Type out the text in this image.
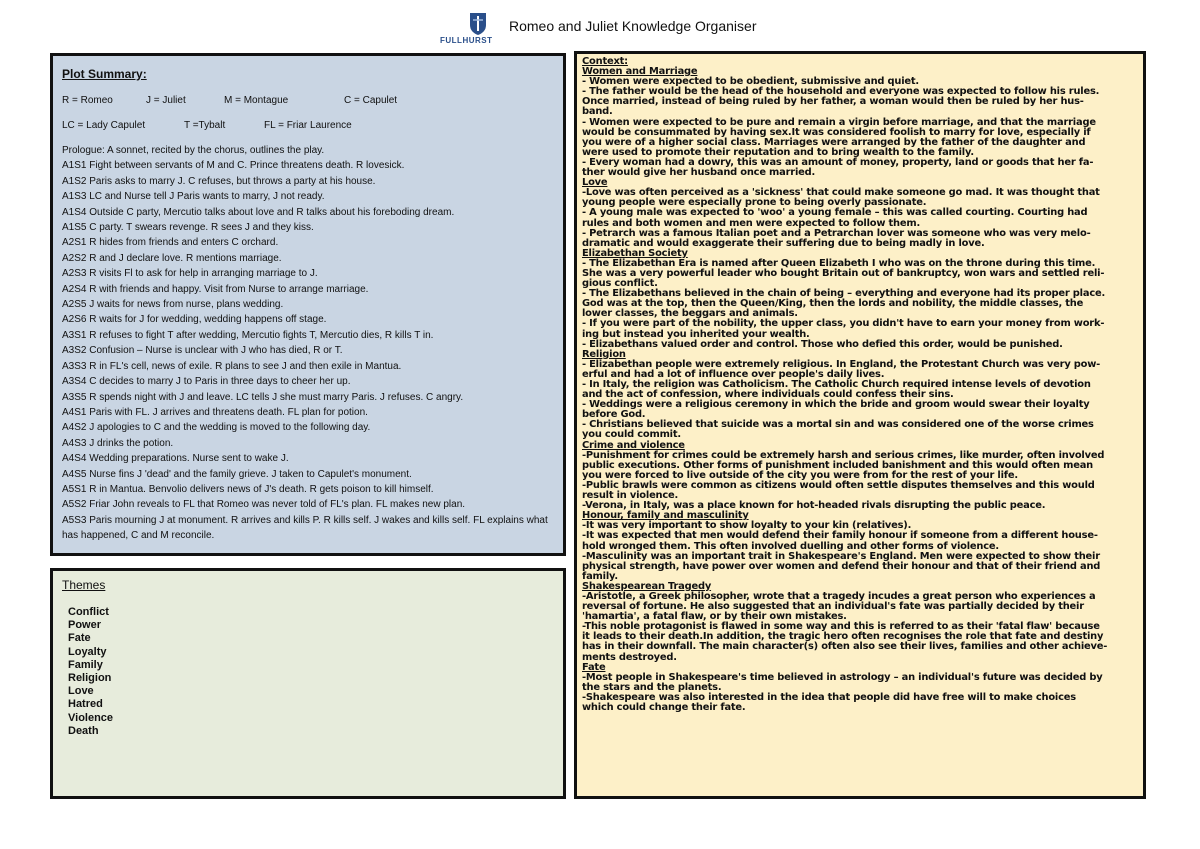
FULLHURST
Romeo and Juliet Knowledge Organiser
Plot Summary:
R = Romeo	J = Juliet	M = Montague	C = Capulet
LC = Lady Capulet	T =Tybalt	FL = Friar Laurence
Prologue: A sonnet, recited by the chorus, outlines the play.
A1S1 Fight between servants of M and C. Prince threatens death. R lovesick.
A1S2 Paris asks to marry J. C refuses, but throws a party at his house.
A1S3 LC and Nurse tell J Paris wants to marry, J not ready.
A1S4 Outside C party, Mercutio talks about love and R talks about his foreboding dream.
A1S5 C party. T swears revenge. R sees J and they kiss.
A2S1 R hides from friends and enters C orchard.
A2S2 R and J declare love. R mentions marriage.
A2S3 R visits Fl to ask for help in arranging marriage to J.
A2S4 R with friends and happy. Visit from Nurse to arrange marriage.
A2S5 J waits for news from nurse, plans wedding.
A2S6 R waits for J for wedding, wedding happens off stage.
A3S1 R refuses to fight T after wedding, Mercutio fights T, Mercutio dies, R kills T in.
A3S2 Confusion – Nurse is unclear with J who has died, R or T.
A3S3 R in FL's cell, news of exile. R plans to see J and then exile in Mantua.
A3S4 C decides to marry J to Paris in three days to cheer her up.
A3S5 R spends night with J and leave. LC tells J she must marry Paris. J refuses. C angry.
A4S1 Paris with FL. J arrives and threatens death. FL plan for potion.
A4S2 J apologies to C and the wedding is moved to the following day.
A4S3 J drinks the potion.
A4S4 Wedding preparations. Nurse sent to wake J.
A4S5 Nurse fins J 'dead' and the family grieve. J taken to Capulet's monument.
A5S1 R in Mantua. Benvolio delivers news of J's death. R gets poison to kill himself.
A5S2 Friar John reveals to FL that Romeo was never told of FL's plan. FL makes new plan.
A5S3 Paris mourning J at monument. R arrives and kills P. R kills self. J wakes and kills self. FL explains what has happened, C and M reconcile.
Themes
Conflict
Power
Fate
Loyalty
Family
Religion
Love
Hatred
Violence
Death
Context:
Women and Marriage
- Women were expected to be obedient, submissive and quiet.
- The father would be the head of the household and everyone was expected to follow his rules.
Once married, instead of being ruled by her father, a woman would then be ruled by her hus-
band.
- Women were expected to be pure and remain a virgin before marriage, and that the marriage
would be consummated by having sex.It was considered foolish to marry for love, especially if
you were of a higher social class. Marriages were arranged by the father of the daughter and
were used to promote their reputation and to bring wealth to the family.
- Every woman had a dowry, this was an amount of money, property, land or goods that her fa-
ther would give her husband once married.
Love
-Love was often perceived as a 'sickness' that could make someone go mad. It was thought that
young people were especially prone to being overly passionate.
- A young male was expected to 'woo' a young female – this was called courting. Courting had
rules and both women and men were expected to follow them.
- Petrarch was a famous Italian poet and a Petrarchan lover was someone who was very melo-
dramatic and would exaggerate their suffering due to being madly in love.
Elizabethan Society
- The Elizabethan Era is named after Queen Elizabeth I who was on the throne during this time.
She was a very powerful leader who bought Britain out of bankruptcy, won wars and settled reli-
gious conflict.
- The Elizabethans believed in the chain of being – everything and everyone had its proper place.
God was at the top, then the Queen/King, then the lords and nobility, the middle classes, the
lower classes, the beggars and animals.
- If you were part of the nobility, the upper class, you didn't have to earn your money from work-
ing but instead you inherited your wealth.
- Elizabethans valued order and control. Those who defied this order, would be punished.
Religion
- Elizabethan people were extremely religious. In England, the Protestant Church was very pow-
erful and had a lot of influence over people's daily lives.
- In Italy, the religion was Catholicism. The Catholic Church required intense levels of devotion
and the act of confession, where individuals could confess their sins.
- Weddings were a religious ceremony in which the bride and groom would swear their loyalty
before God.
- Christians believed that suicide was a mortal sin and was considered one of the worse crimes
you could commit.
Crime and violence
-Punishment for crimes could be extremely harsh and serious crimes, like murder, often involved
public executions. Other forms of punishment included banishment and this would often mean
you were forced to live outside of the city you were from for the rest of your life.
-Public brawls were common as citizens would often settle disputes themselves and this would
result in violence.
-Verona, in Italy, was a place known for hot-headed rivals disrupting the public peace.
Honour, family and masculinity
-It was very important to show loyalty to your kin (relatives).
-It was expected that men would defend their family honour if someone from a different house-
hold wronged them. This often involved duelling and other forms of violence.
-Masculinity was an important trait in Shakespeare's England. Men were expected to show their
physical strength, have power over women and defend their honour and that of their friend and
family.
Shakespearean Tragedy
-Aristotle, a Greek philosopher, wrote that a tragedy incudes a great person who experiences a
reversal of fortune. He also suggested that an individual's fate was partially decided by their
'hamartia', a fatal flaw, or by their own mistakes.
-This noble protagonist is flawed in some way and this is referred to as their 'fatal flaw' because
it leads to their death.In addition, the tragic hero often recognises the role that fate and destiny
has in their downfall. The main character(s) often also see their lives, families and other achieve-
ments destroyed.
Fate
-Most people in Shakespeare's time believed in astrology – an individual's future was decided by
the stars and the planets.
-Shakespeare was also interested in the idea that people did have free will to make choices
which could change their fate.
